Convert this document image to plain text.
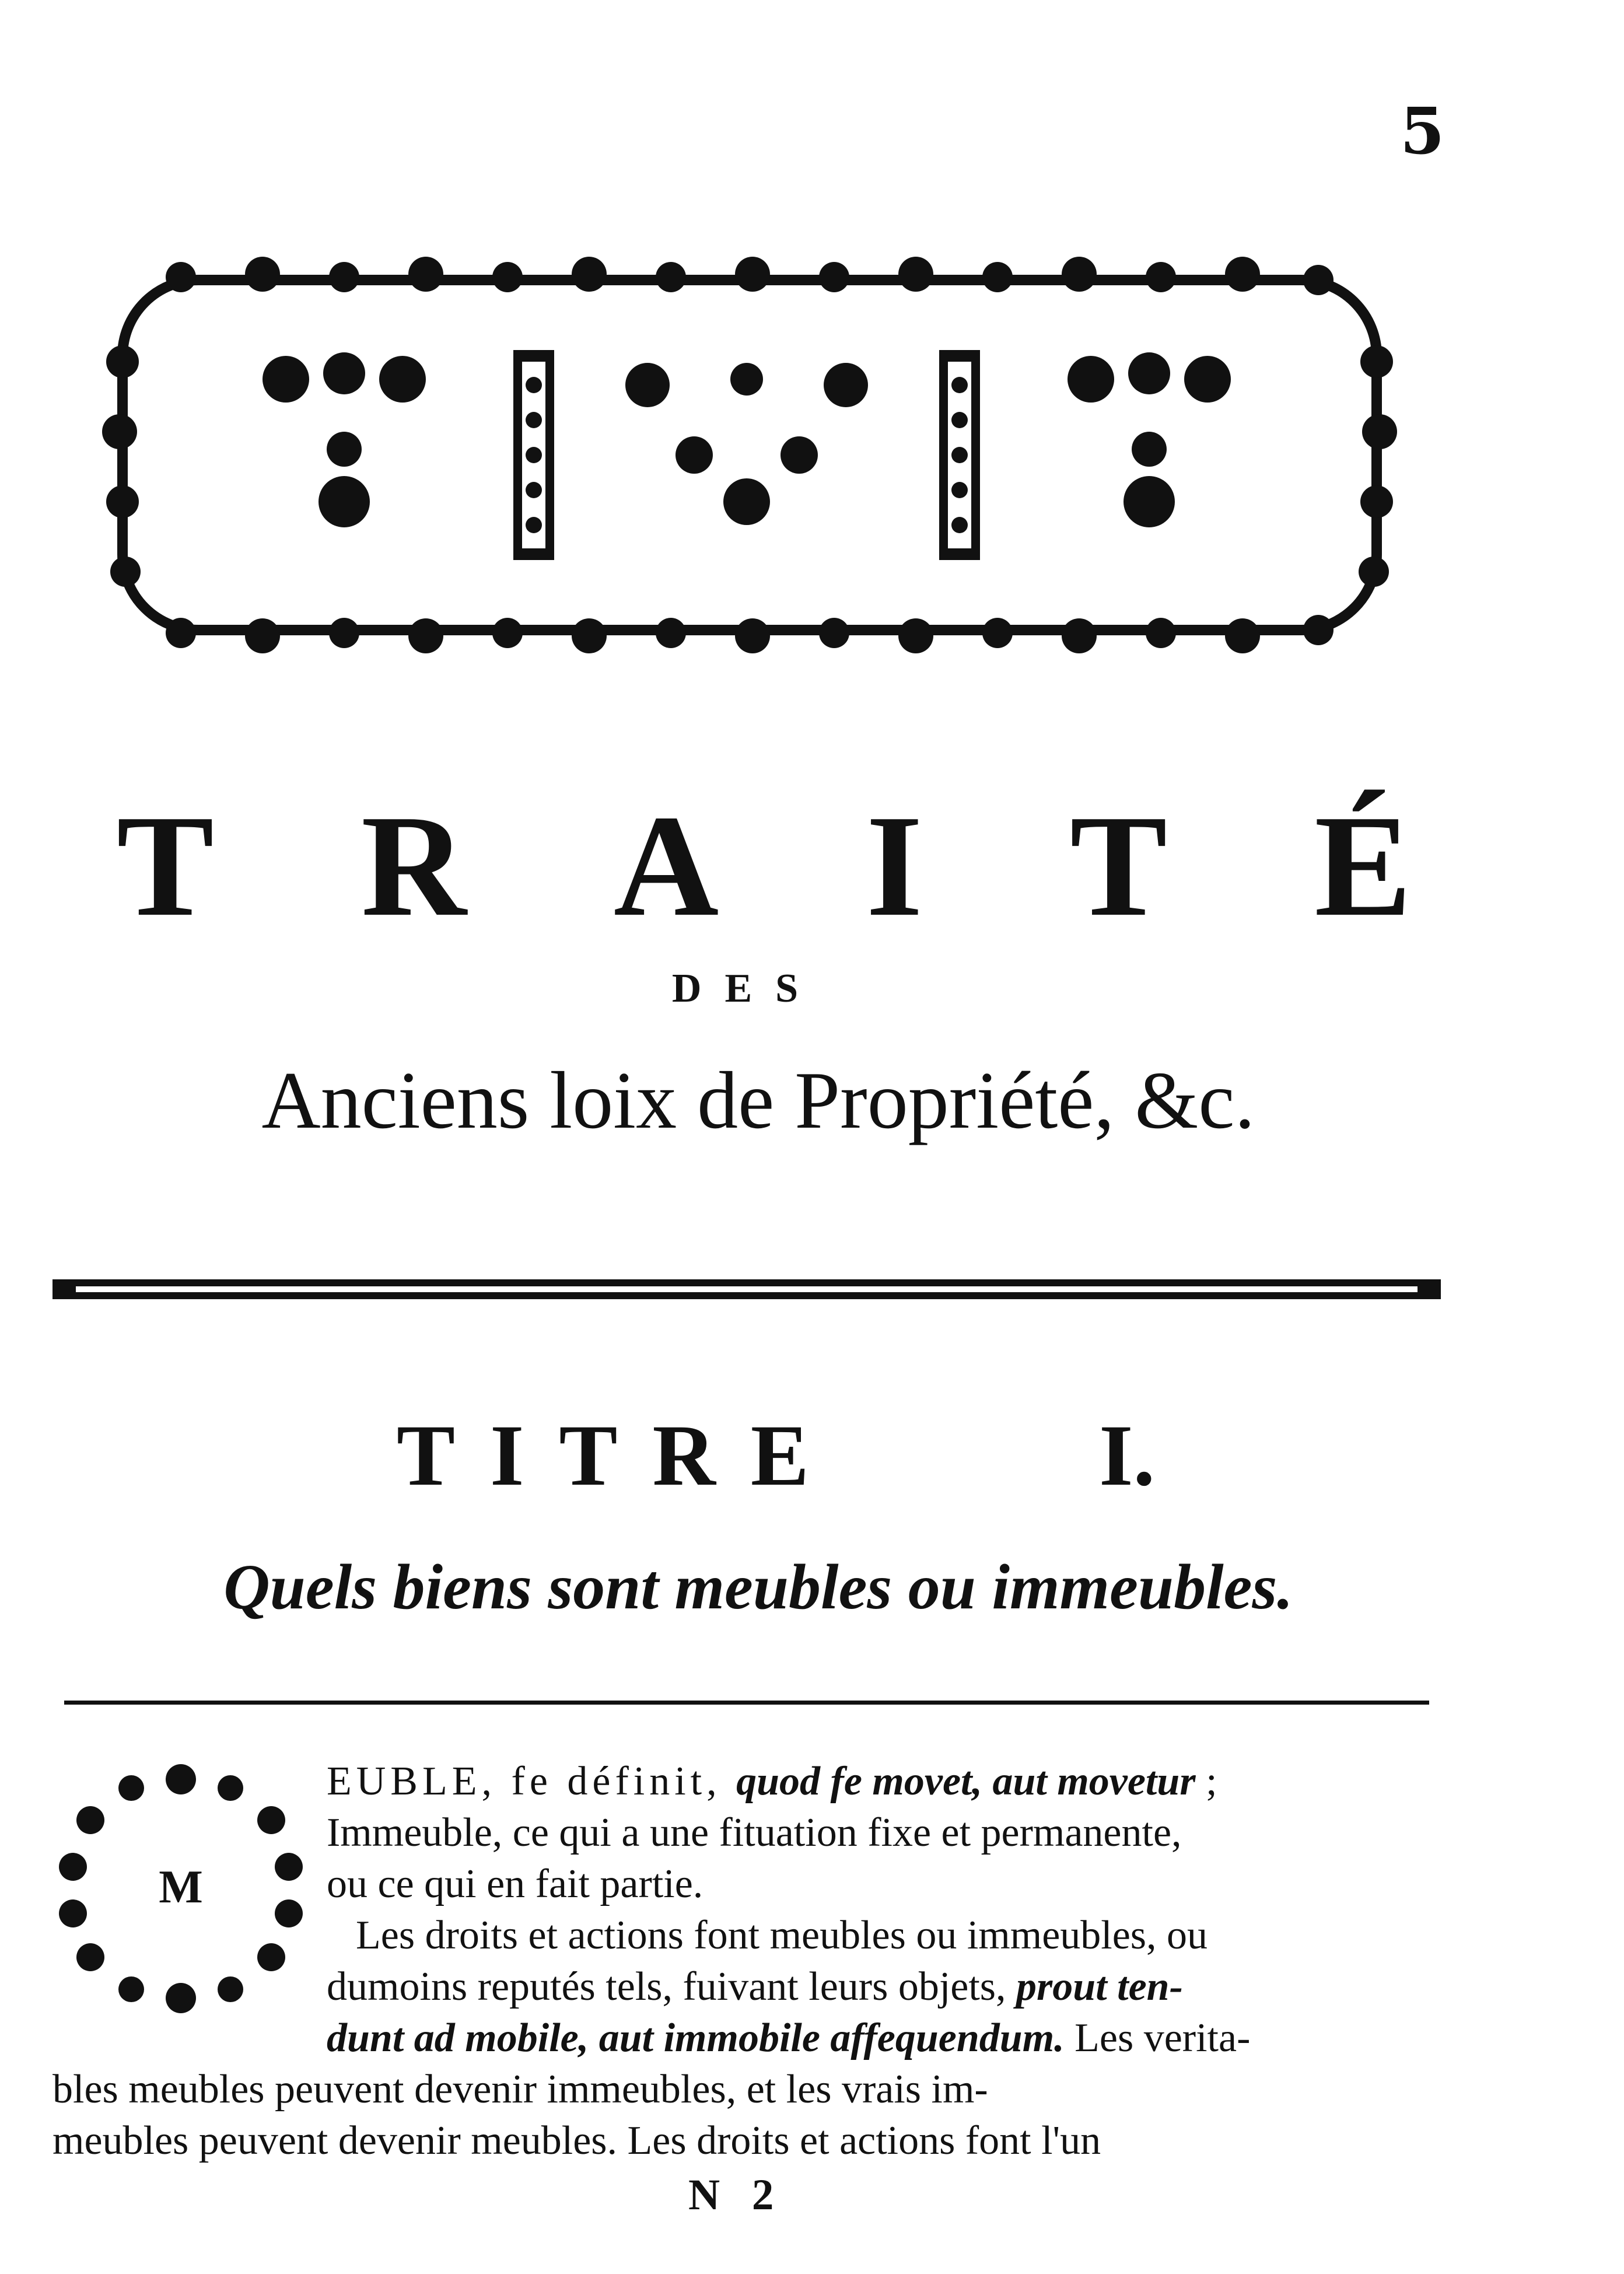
5
T R A I T É
DES
Anciens loix de Propriété, &c.
TITRE	I.
Quels biens sont meubles ou immeubles.
M
EUBLE, fe définit, quod fe movet, aut movetur ;
Immeuble, ce qui a une fituation fixe et permanente,
ou ce qui en fait partie.
Les droits et actions font meubles ou immeubles, ou
dumoins reputés tels, fuivant leurs objets, prout ten-
dunt ad mobile, aut immobile affequendum. Les verita-
bles meubles peuvent devenir immeubles, et les vrais im-
meubles peuvent devenir meubles. Les droits et actions font l'un
N 2
